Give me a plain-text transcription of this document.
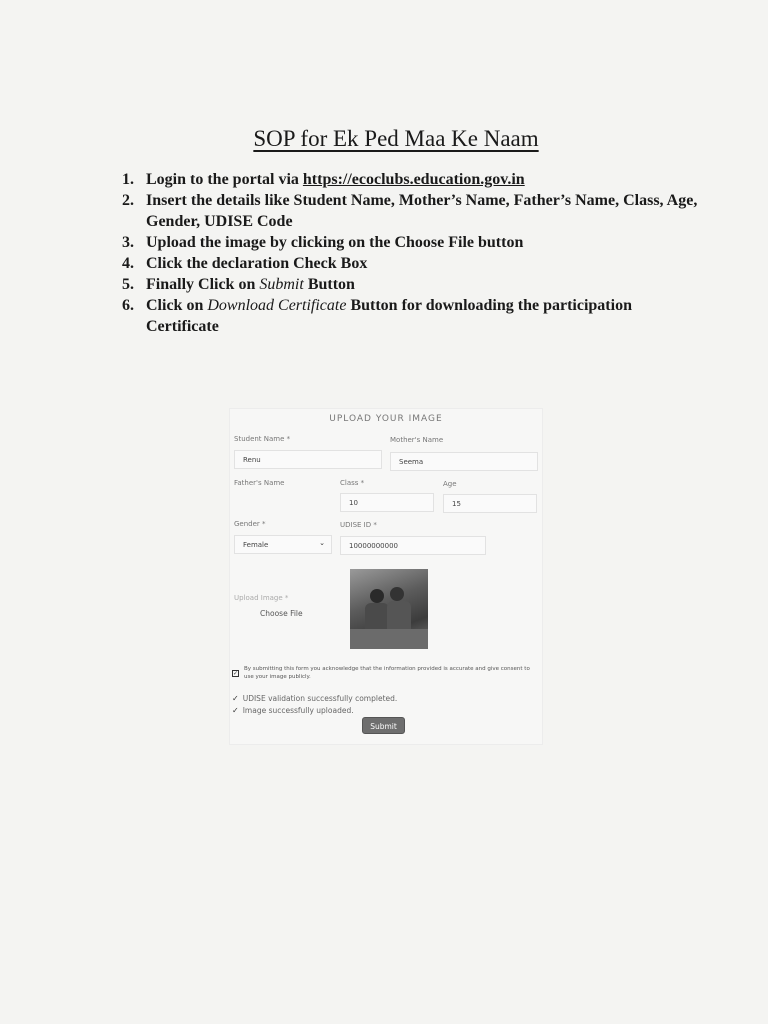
SOP for Ek Ped Maa Ke Naam
1. Login to the portal via https://ecoclubs.education.gov.in
2. Insert the details like Student Name, Mother’s Name, Father’s Name, Class, Age, Gender, UDISE Code
3. Upload the image by clicking on the Choose File button
4. Click the declaration Check Box
5. Finally Click on Submit Button
6. Click on Download Certificate Button for downloading the participation Certificate
UPLOAD YOUR IMAGE
Student Name *
Renu
Mother's Name
Seema
Father's Name	Class *
10
Age
15
Gender *
Female	⌄
UDISE ID *
10000000000
Upload Image *
Choose File
✓
By submitting this form you acknowledge that the information provided is accurate and give consent to use your image publicly.
✓ UDISE validation successfully completed.
✓ Image successfully uploaded.
Submit
